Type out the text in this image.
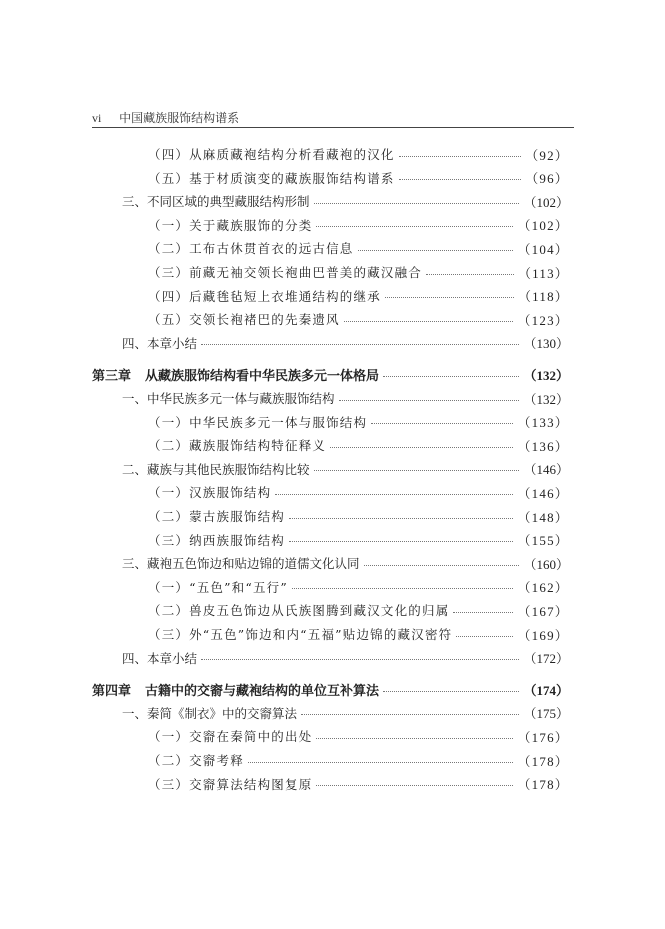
vi 中国藏族服饰结构谱系
（四）从麻质藏袍结构分析看藏袍的汉化	（92）
（五）基于材质演变的藏族服饰结构谱系	（96）
三、不同区域的典型藏服结构形制	（102）
（一）关于藏族服饰的分类	（102）
（二）工布古休贯首衣的远古信息	（104）
（三）前藏无袖交领长袍曲巴普美的藏汉融合	（113）
（四）后藏毪毡短上衣堆通结构的继承	（118）
（五）交领长袍褚巴的先秦遗风	（123）
四、本章小结	（130）
第三章 从藏族服饰结构看中华民族多元一体格局	（132）
一、中华民族多元一体与藏族服饰结构	（132）
（一）中华民族多元一体与服饰结构	（133）
（二）藏族服饰结构特征释义	（136）
二、藏族与其他民族服饰结构比较	（146）
（一）汉族服饰结构	（146）
（二）蒙古族服饰结构	（148）
（三）纳西族服饰结构	（155）
三、藏袍五色饰边和贴边锦的道儒文化认同	（160）
（一）“五色”和“五行”	（162）
（二）兽皮五色饰边从氏族图腾到藏汉文化的归属	（167）
（三）外“五色”饰边和内“五福”贴边锦的藏汉密符	（169）
四、本章小结	（172）
第四章 古籍中的交窬与藏袍结构的单位互补算法	（174）
一、秦简《制衣》中的交窬算法	（175）
（一）交窬在秦简中的出处	（176）
（二）交窬考释	（178）
（三）交窬算法结构图复原	（178）
